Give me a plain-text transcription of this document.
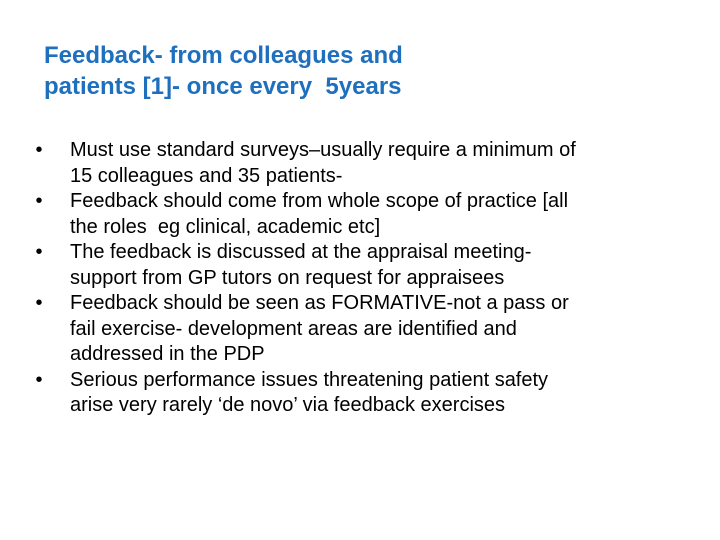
Feedback- from colleagues and
patients [1]- once every  5years
• Must use standard surveys–usually require a minimum of
15 colleagues and 35 patients-
• Feedback should come from whole scope of practice [all
the roles  eg clinical, academic etc]
• The feedback is discussed at the appraisal meeting-
support from GP tutors on request for appraisees
• Feedback should be seen as FORMATIVE-not a pass or
fail exercise- development areas are identified and
addressed in the PDP
• Serious performance issues threatening patient safety
arise very rarely ‘de novo’ via feedback exercises
